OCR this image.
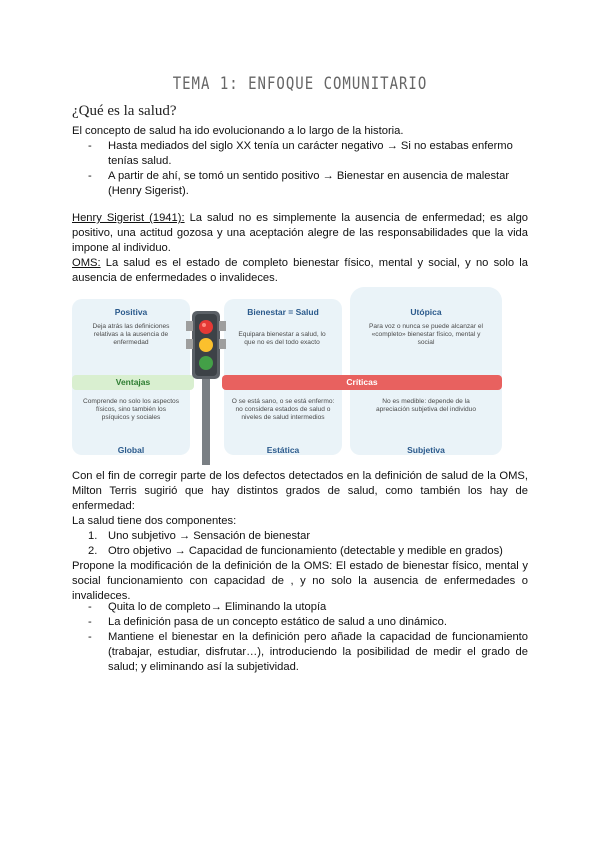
TEMA 1: ENFOQUE COMUNITARIO
¿Qué es la salud?
El concepto de salud ha ido evolucionando a lo largo de la historia.
-	Hasta mediados del siglo XX tenía un carácter negativo → Si no estabas enfermo tenías salud.
-	A partir de ahí, se tomó un sentido positivo → Bienestar en ausencia de malestar (Henry Sigerist).
Henry Sigerist (1941): La salud no es simplemente la ausencia de enfermedad; es algo positivo, una actitud gozosa y una aceptación alegre de las responsabilidades que la vida impone al individuo.
OMS: La salud es el estado de completo bienestar físico, mental y social, y no solo la ausencia de enfermedades o invalideces.
Positiva
Deja atrás las definiciones relativas a la ausencia de enfermedad
Bienestar = Salud
Equipara bienestar a salud, lo que no es del todo exacto
Utópica
Para voz o nunca se puede alcanzar el «completo» bienestar físico, mental y social
Ventajas	Críticas
Comprende no solo los aspectos físicos, sino también los psíquicos y sociales
Global
O se está sano, o se está enfermo: no considera estados de salud o niveles de salud intermedios
Estática
No es medible: depende de la apreciación subjetiva del individuo
Subjetiva
Con el fin de corregir parte de los defectos detectados en la definición de salud de la OMS, Milton Terris sugirió que hay distintos grados de salud, como también los hay de enfermedad:
La salud tiene dos componentes:
1. Uno subjetivo → Sensación de bienestar
2. Otro objetivo → Capacidad de funcionamiento (detectable y medible en grados)
Propone la modificación de la definición de la OMS: El estado de bienestar físico, mental y social funcionamiento con capacidad de , y no solo la ausencia de enfermedades o invalideces.
-	Quita lo de completo→ Eliminando la utopía
-	La definición pasa de un concepto estático de salud a uno dinámico.
-	Mantiene el bienestar en la definición pero añade la capacidad de funcionamiento (trabajar, estudiar, disfrutar…), introduciendo la posibilidad de medir el grado de salud; y eliminando así la subjetividad.
